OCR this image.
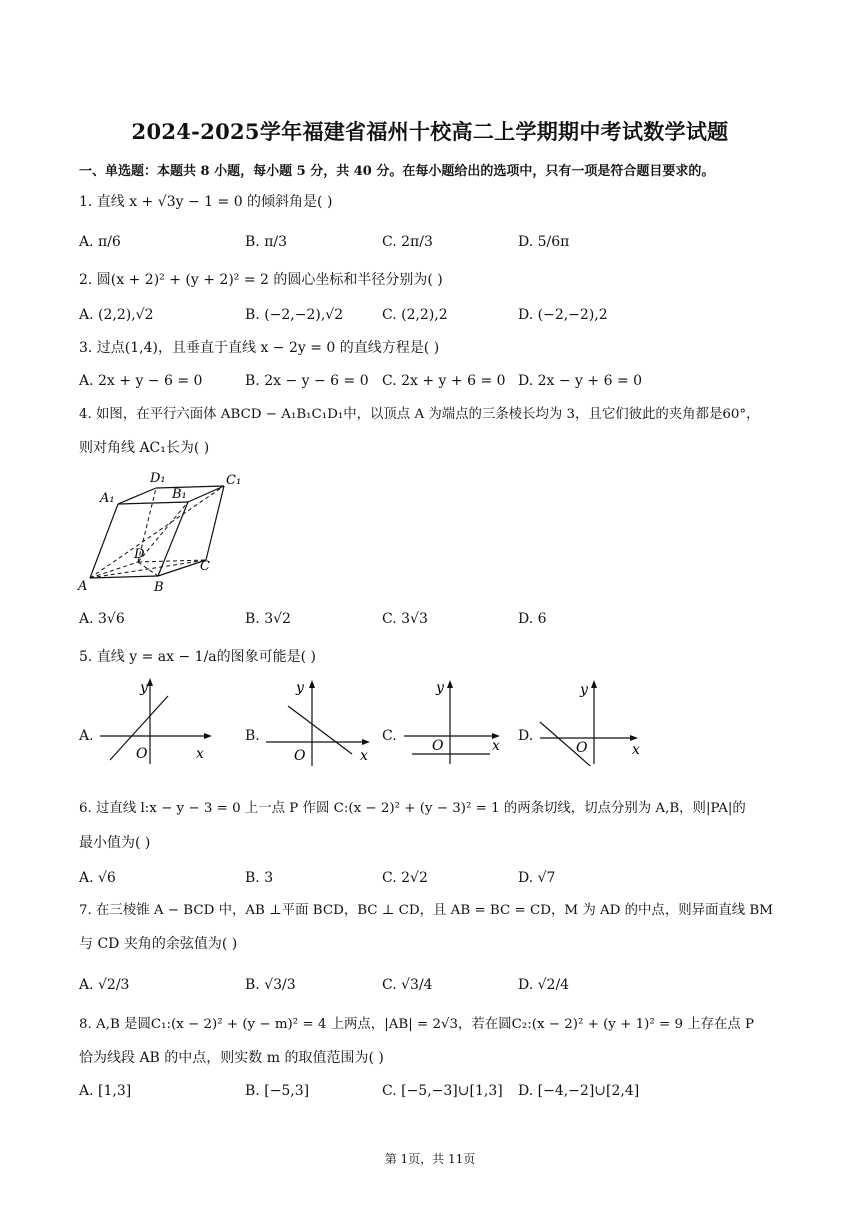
2024-2025学年福建省福州十校高二上学期期中考试数学试题
一、单选题：本题共 8 小题，每小题 5 分，共 40 分。在每小题给出的选项中，只有一项是符合题目要求的。
1. 直线 x + √3y − 1 = 0 的倾斜角是( )
A. π/6	B. π/3	C. 2π/3	D. 5/6π
2. 圆(x + 2)² + (y + 2)² = 2 的圆心坐标和半径分别为( )
A. (2,2),√2	B. (−2,−2),√2	C. (2,2),2	D. (−2,−2),2
3. 过点(1,4)，且垂直于直线 x − 2y = 0 的直线方程是( )
A. 2x + y − 6 = 0	B. 2x − y − 6 = 0 C. 2x + y + 6 = 0 D. 2x − y + 6 = 0
4. 如图，在平行六面体 ABCD − A₁B₁C₁D₁中，以顶点 A 为端点的三条棱长均为 3，且它们彼此的夹角都是60°，
则对角线 AC₁长为( )
A	B
C
D
A₁	B₁
C₁
D₁
A. 3√6	B. 3√2	C. 3√3	D. 6
5. 直线 y = ax − 1/a的图象可能是( )
A.
O	x
y
B.
O	x
y
C.
O	x
y
D.
O	x
y
6. 过直线 l:x − y − 3 = 0 上一点 P 作圆 C:(x − 2)² + (y − 3)² = 1 的两条切线，切点分别为 A,B，则|PA|的
最小值为( )
A. √6	B. 3	C. 2√2	D. √7
7. 在三棱锥 A − BCD 中，AB ⊥平面 BCD，BC ⊥ CD，且 AB = BC = CD，M 为 AD 的中点，则异面直线 BM
与 CD 夹角的余弦值为( )
A. √2/3	B. √3/3	C. √3/4	D. √2/4
8. A,B 是圆C₁:(x − 2)² + (y − m)² = 4 上两点，|AB| = 2√3，若在圆C₂:(x − 2)² + (y + 1)² = 9 上存在点 P
恰为线段 AB 的中点，则实数 m 的取值范围为( )
A. [1,3]	B. [−5,3]	C. [−5,−3]∪[1,3] D. [−4,−2]∪[2,4]
第 1页，共 11页
